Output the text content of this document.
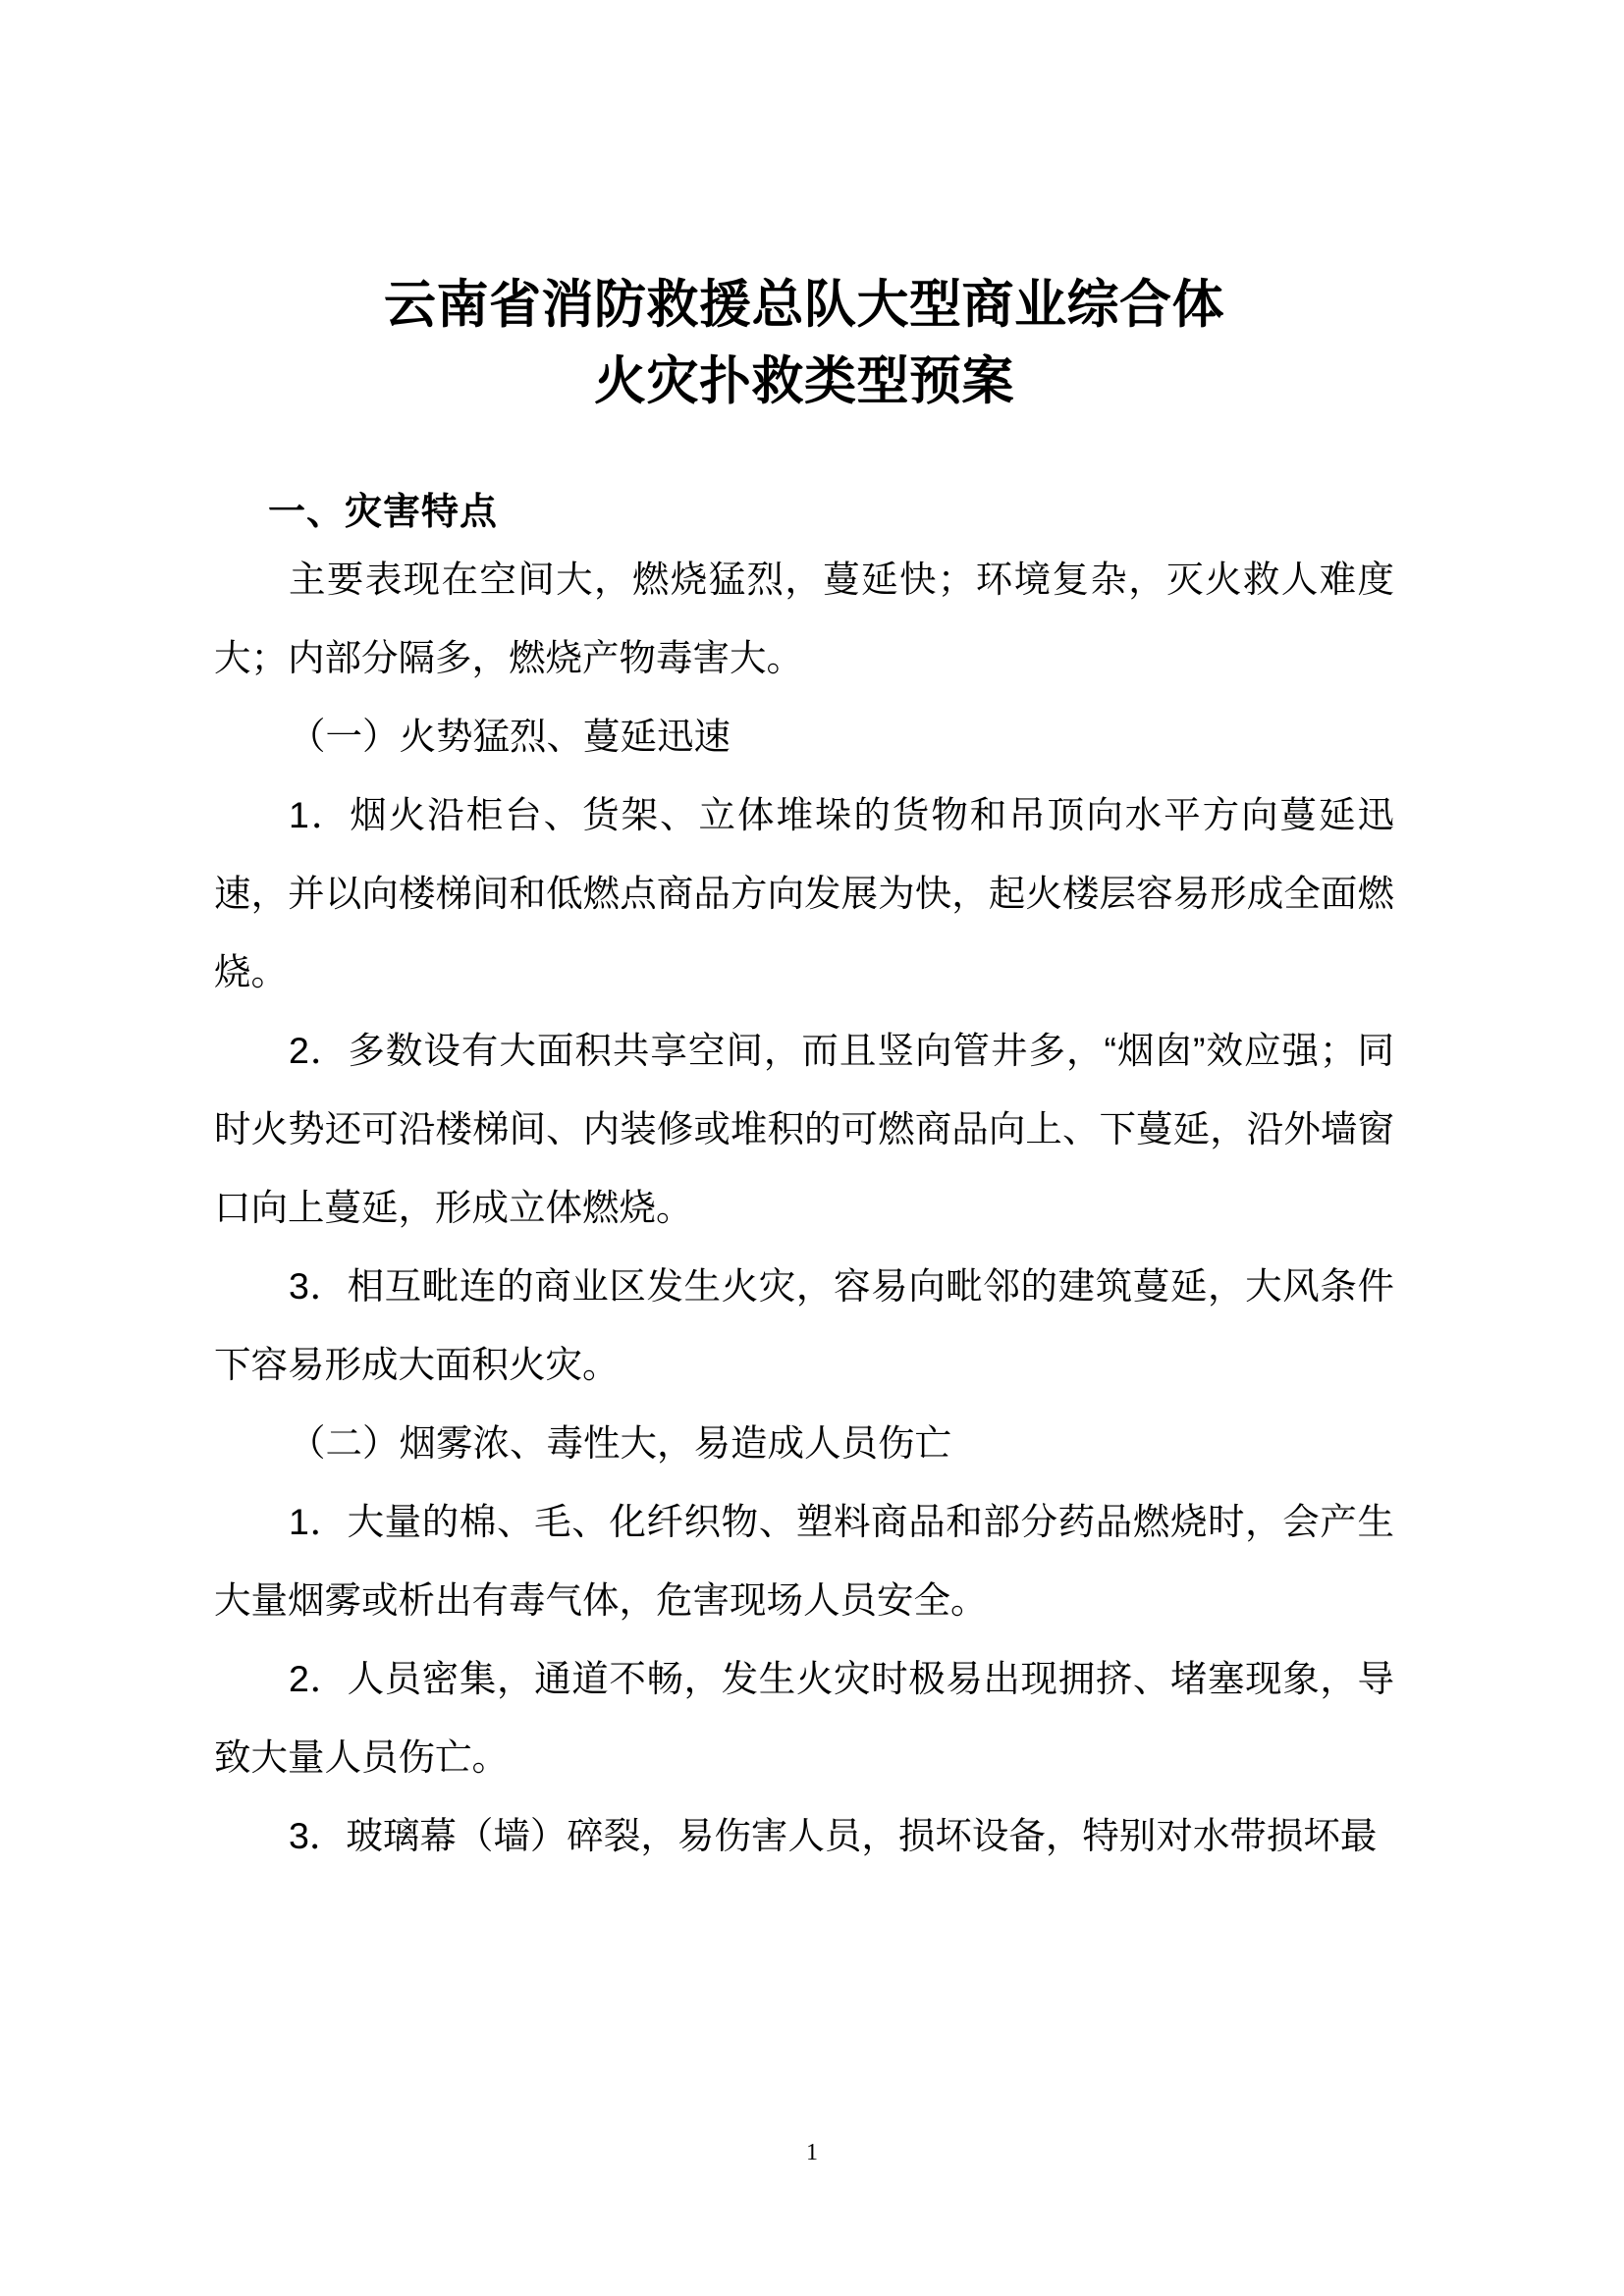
云南省消防救援总队大型商业综合体
火灾扑救类型预案
一、灾害特点

主要表现在空间大，燃烧猛烈，蔓延快；环境复杂，灭火救人难度大；内部分隔多，燃烧产物毒害大。

（一）火势猛烈、蔓延迅速

1．烟火沿柜台、货架、立体堆垛的货物和吊顶向水平方向蔓延迅速，并以向楼梯间和低燃点商品方向发展为快，起火楼层容易形成全面燃烧。

2．多数设有大面积共享空间，而且竖向管井多，“烟囱”效应强；同时火势还可沿楼梯间、内装修或堆积的可燃商品向上、下蔓延，沿外墙窗口向上蔓延，形成立体燃烧。

3．相互毗连的商业区发生火灾，容易向毗邻的建筑蔓延，大风条件下容易形成大面积火灾。

（二）烟雾浓、毒性大，易造成人员伤亡

1．大量的棉、毛、化纤织物、塑料商品和部分药品燃烧时，会产生大量烟雾或析出有毒气体，危害现场人员安全。

2．人员密集，通道不畅，发生火灾时极易出现拥挤、堵塞现象，导致大量人员伤亡。

3．玻璃幕（墙）碎裂，易伤害人员，损坏设备，特别对水带损坏最

1
